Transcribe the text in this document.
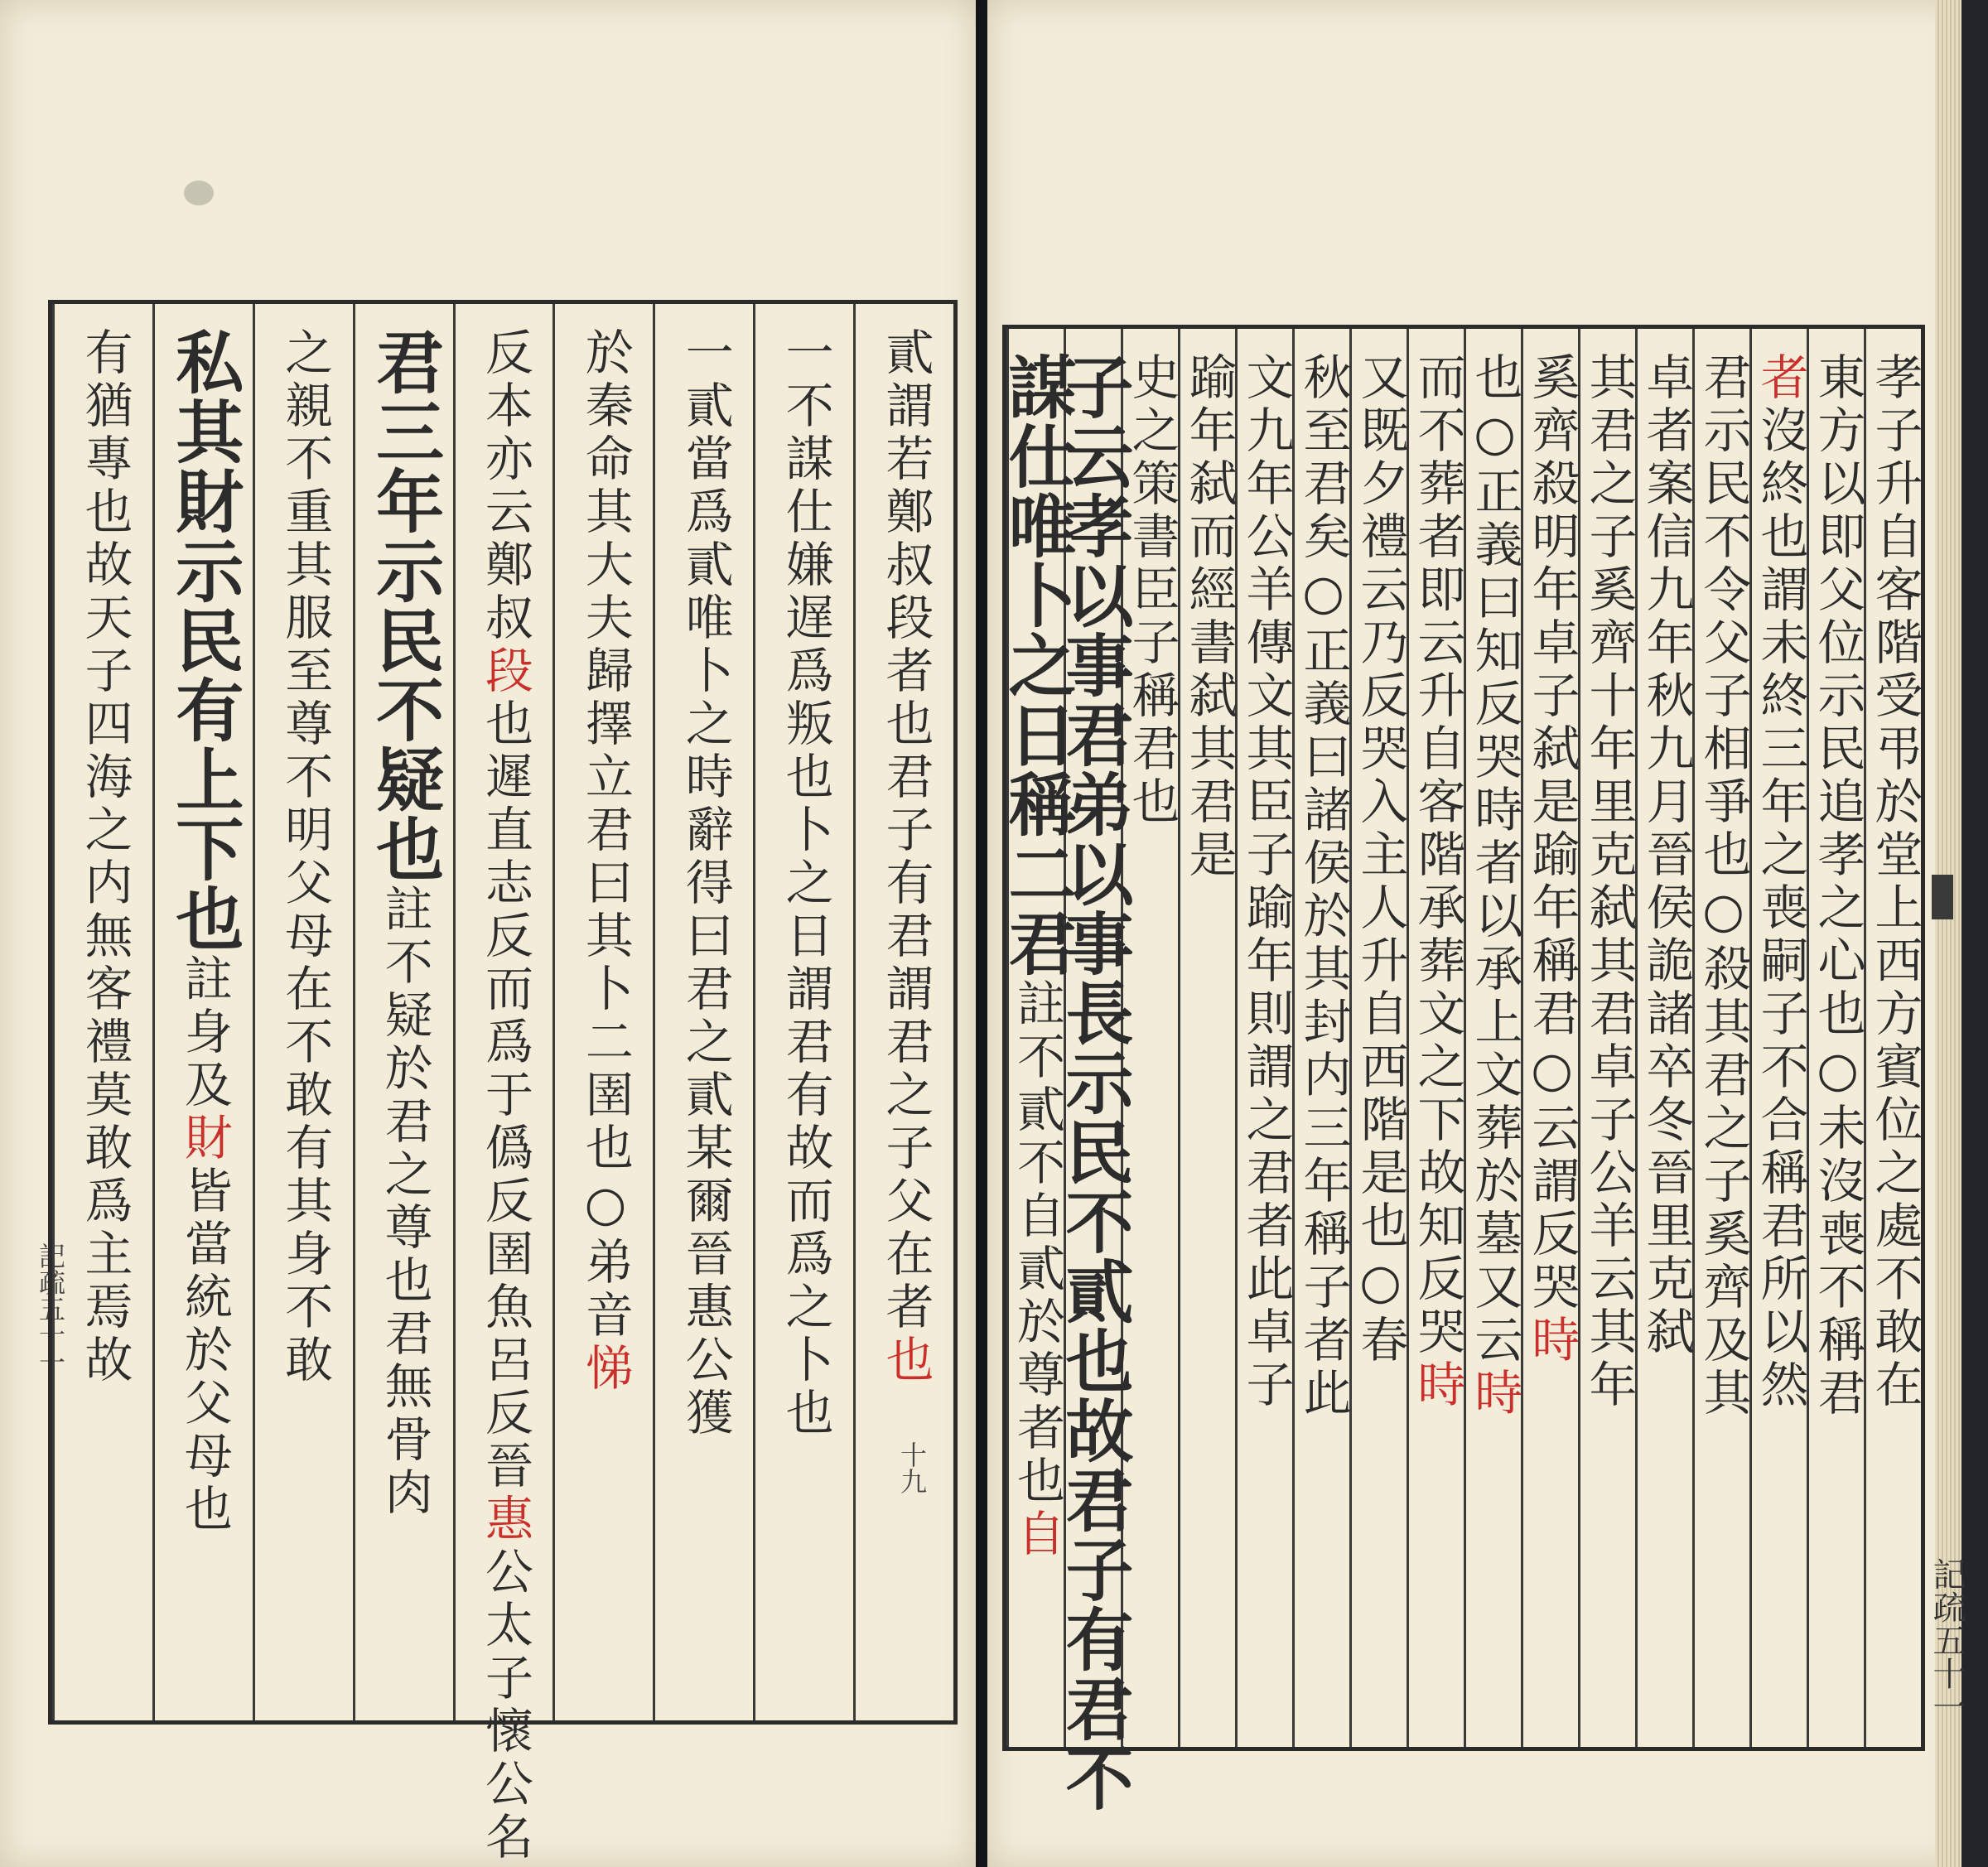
記疏五十一
十九
貳謂若鄭叔段者也君子有君謂君之子父在者也
一不謀仕嫌遅爲叛也卜之日謂君有故而爲之卜也
一貳當爲貳唯卜之時辭得曰君之貳某爾晉惠公獲
於秦命其大夫歸擇立君曰其卜二圉也○弟音悌
反本亦云鄭叔段也遲直志反而爲于僞反圉魚呂反晉惠公太子懷公名
君三年示民不疑也註不疑於君之尊也君無骨肉
之親不重其服至尊不明父母在不敢有其身不敢
私其財示民有上下也註身及財皆當統於父母也
有猶專也故天子四海之内無客禮莫敢爲主焉故
記疏五十一
孝子升自客階受弔於堂上西方賓位之處不敢在
東方以即父位示民追孝之心也○未沒喪不稱君
者沒終也謂未終三年之喪嗣子不合稱君所以然
君示民不令父子相爭也○殺其君之子奚齊及其
卓者案信九年秋九月晉侯詭諸卒冬晉里克弑
其君之子奚齊十年里克弑其君卓子公羊云其年
奚齊殺明年卓子弑是踰年稱君○云謂反哭時
也○正義曰知反哭時者以承上文葬於墓又云時
而不葬者即云升自客階承葬文之下故知反哭時
又既夕禮云乃反哭入主人升自西階是也○春
秋至君矣○正義曰諸侯於其封内三年稱子者此
文九年公羊傳文其臣子踰年則謂之君者此卓子
踰年弑而經書弑其君是
史之策書臣子稱君也
子云孝以事君弟以事長示民不貳也故君子有君不
謀仕唯卜之日稱二君註不貳不自貳於尊者也自
